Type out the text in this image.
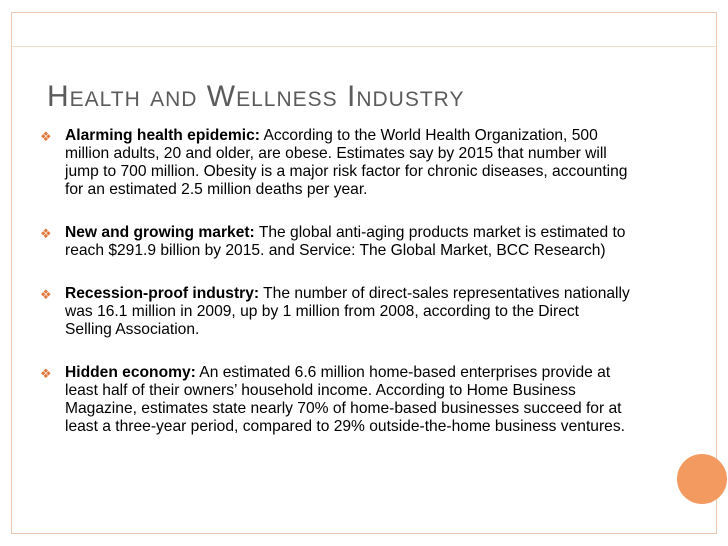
Health and Wellness Industry
❖ Alarming health epidemic: According to the World Health Organization, 500 million adults, 20 and older, are obese. Estimates say by 2015 that number will jump to 700 million. Obesity is a major risk factor for chronic diseases, accounting for an estimated 2.5 million deaths per year.
❖ New and growing market: The global anti-aging products market is estimated to reach $291.9 billion by 2015. and Service: The Global Market, BCC Research)
❖ Recession-proof industry: The number of direct-sales representatives nationally was 16.1 million in 2009, up by 1 million from 2008, according to the Direct Selling Association.
❖ Hidden economy: An estimated 6.6 million home-based enterprises provide at least half of their owners’ household income. According to Home Business Magazine, estimates state nearly 70% of home-based businesses succeed for at least a three-year period, compared to 29% outside-the-home business ventures.
